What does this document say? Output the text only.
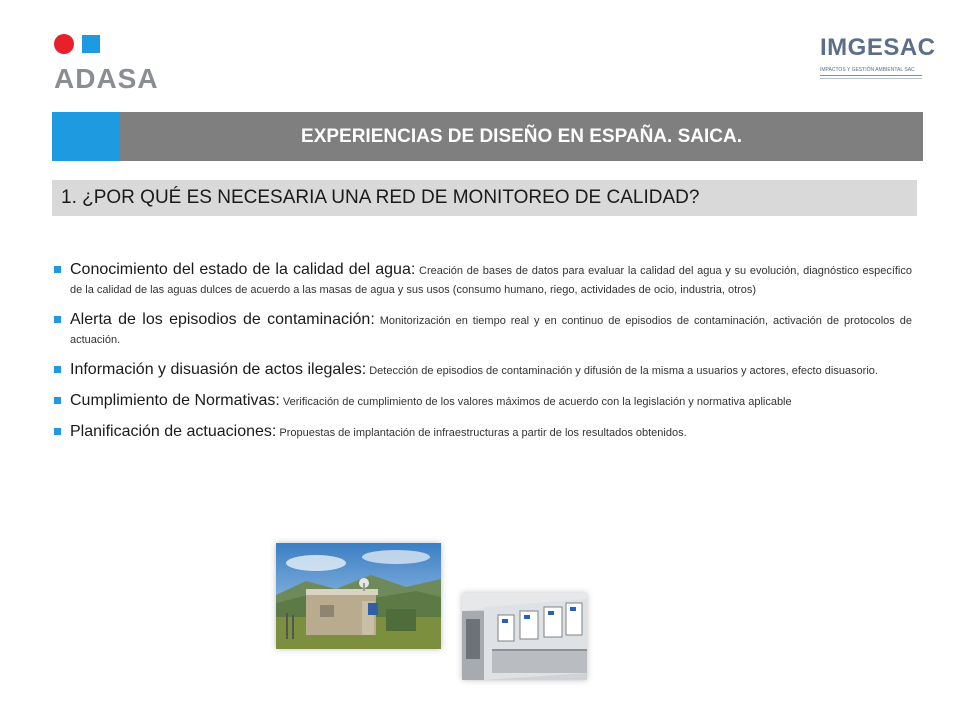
ADASA
IMGESAC
IMPACTOS Y GESTIÓN AMBIENTAL SAC
EXPERIENCIAS DE DISEÑO EN ESPAÑA. SAICA.
1. ¿POR QUÉ ES NECESARIA UNA RED DE MONITOREO DE CALIDAD?
Conocimiento del estado de la calidad del agua: Creación de bases de datos para evaluar la calidad del agua y su evolución, diagnóstico específico de la calidad de las aguas dulces de acuerdo a las masas de agua y sus usos (consumo humano, riego, actividades de ocio, industria, otros)
Alerta de los episodios de contaminación: Monitorización en tiempo real y en continuo de episodios de contaminación, activación de protocolos de actuación.
Información y disuasión de actos ilegales: Detección de episodios de contaminación y difusión de la misma a usuarios y actores, efecto disuasorio.
Cumplimiento de Normativas: Verificación de cumplimiento de los valores máximos de acuerdo con la legislación y normativa aplicable
Planificación de actuaciones: Propuestas de implantación de infraestructuras a partir de los resultados obtenidos.
